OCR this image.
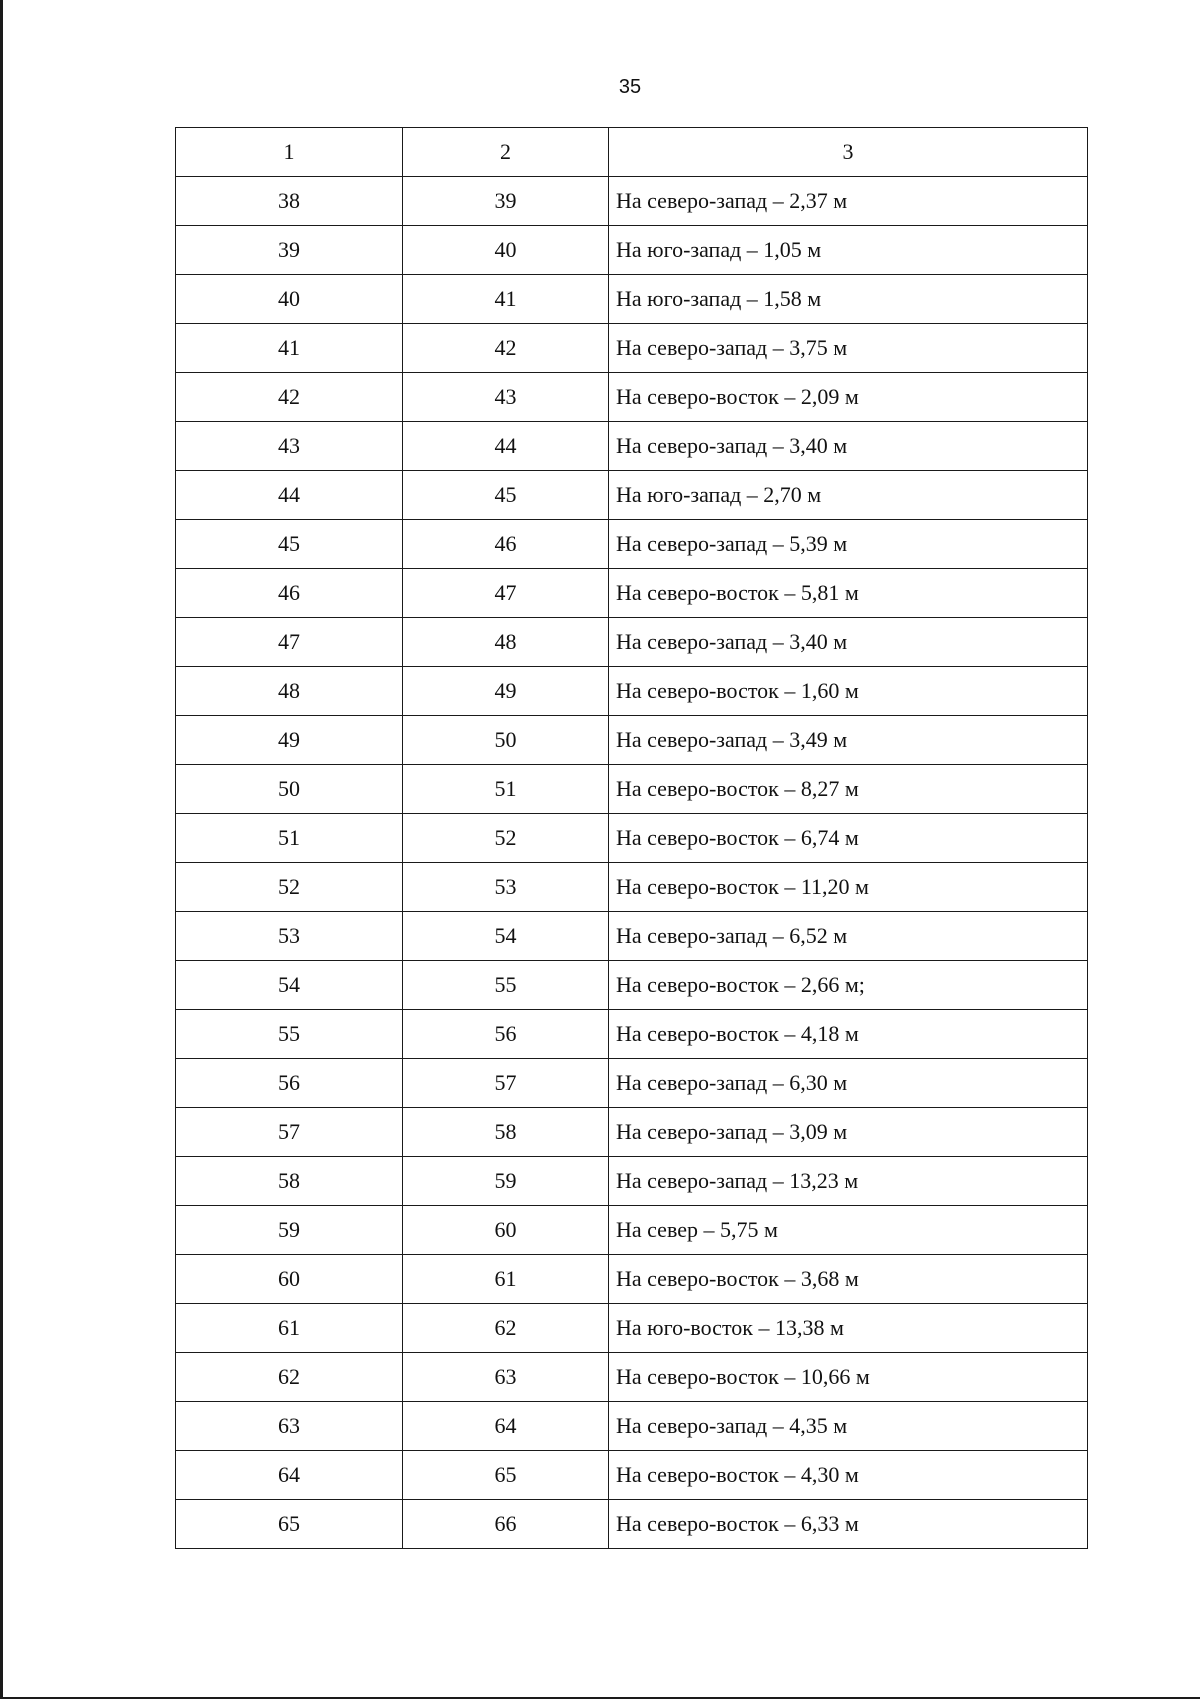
35
1	2	3
38	39	На северо-запад – 2,37 м
39	40	На юго-запад – 1,05 м
40	41	На юго-запад – 1,58 м
41	42	На северо-запад – 3,75 м
42	43	На северо-восток – 2,09 м
43	44	На северо-запад – 3,40 м
44	45	На юго-запад – 2,70 м
45	46	На северо-запад – 5,39 м
46	47	На северо-восток – 5,81 м
47	48	На северо-запад – 3,40 м
48	49	На северо-восток – 1,60 м
49	50	На северо-запад – 3,49 м
50	51	На северо-восток – 8,27 м
51	52	На северо-восток – 6,74 м
52	53	На северо-восток – 11,20 м
53	54	На северо-запад – 6,52 м
54	55	На северо-восток – 2,66 м;
55	56	На северо-восток – 4,18 м
56	57	На северо-запад – 6,30 м
57	58	На северо-запад – 3,09 м
58	59	На северо-запад – 13,23 м
59	60	На север – 5,75 м
60	61	На северо-восток – 3,68 м
61	62	На юго-восток – 13,38 м
62	63	На северо-восток – 10,66 м
63	64	На северо-запад – 4,35 м
64	65	На северо-восток – 4,30 м
65	66	На северо-восток – 6,33 м
